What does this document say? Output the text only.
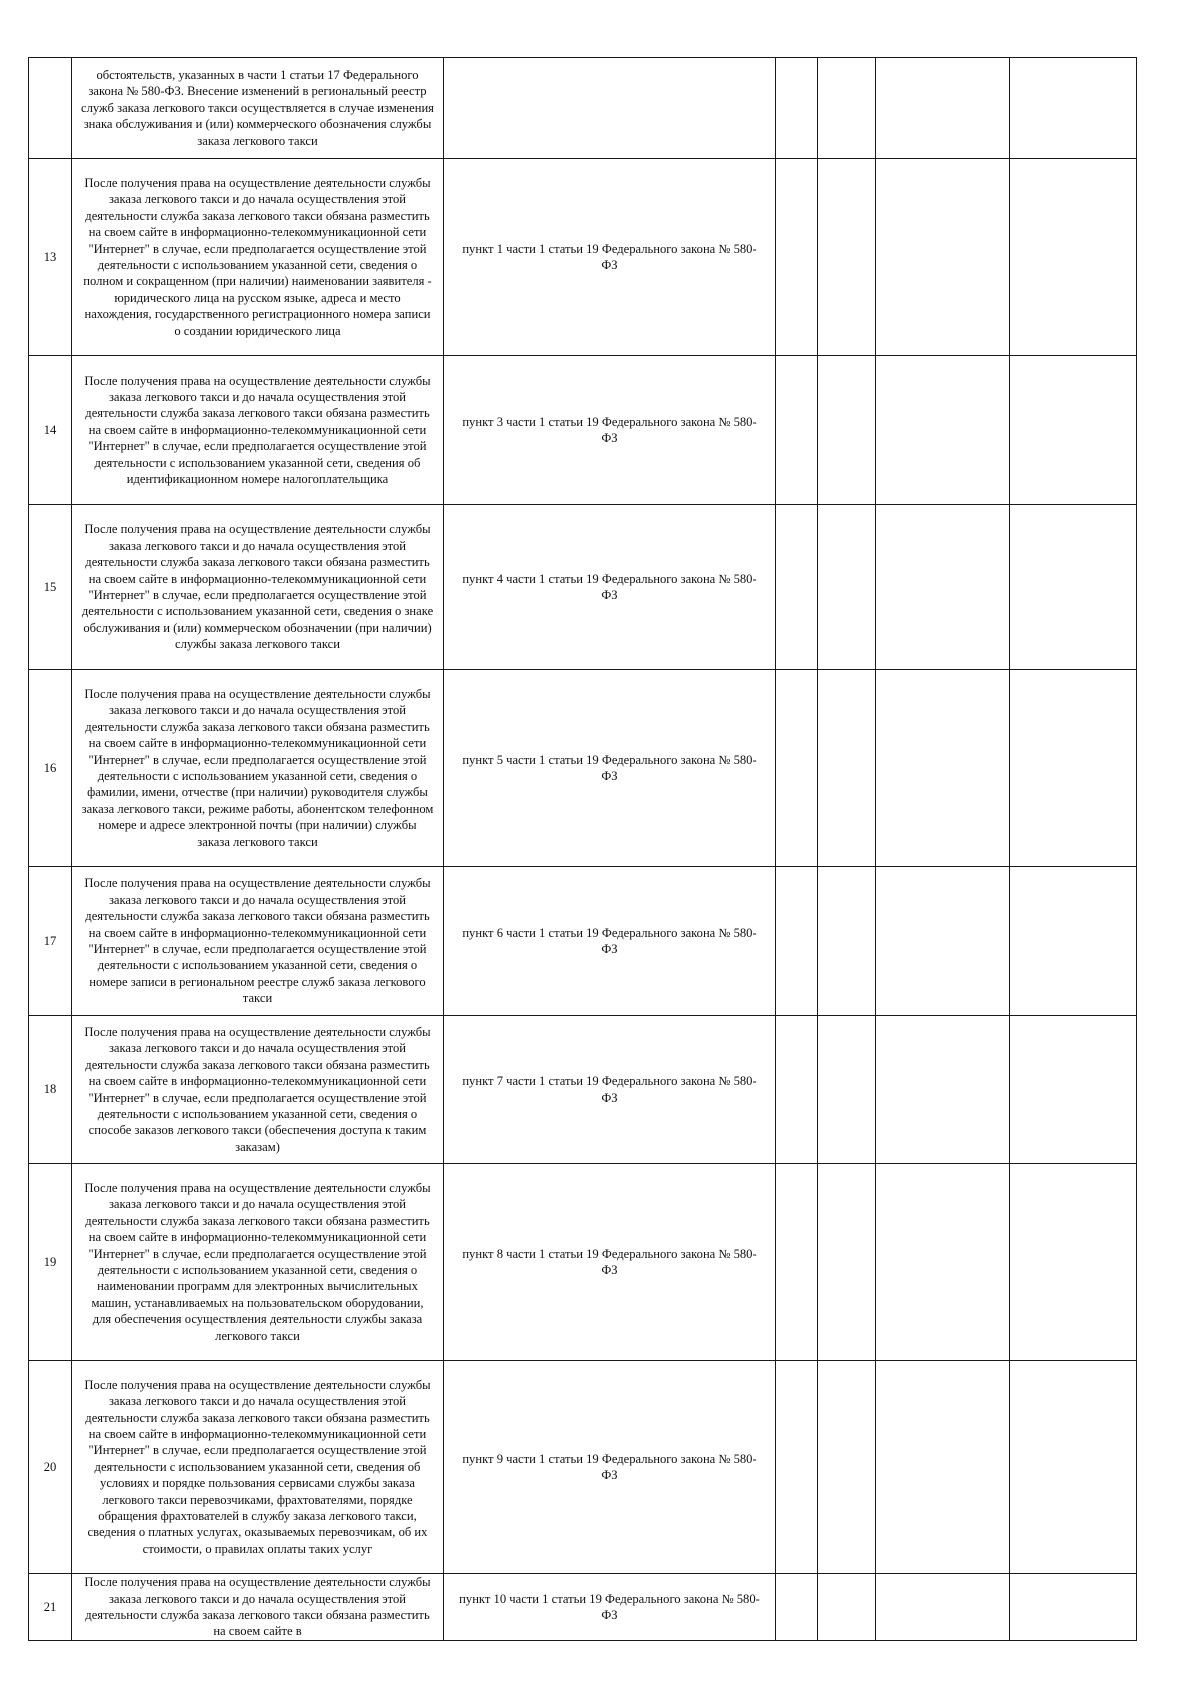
	обстоятельств, указанных в части 1 статьи 17 Федерального закона № 580-ФЗ. Внесение изменений в региональный реестр служб заказа легкового такси осуществляется в случае изменения знака обслуживания и (или) коммерческого обозначения службы заказа легкового такси					
13	После получения права на осуществление деятельности службы заказа легкового такси и до начала осуществления этой деятельности служба заказа легкового такси обязана разместить на своем сайте в информационно-телекоммуникационной сети "Интернет" в случае, если предполагается осуществление этой деятельности с использованием указанной сети, сведения о полном и сокращенном (при наличии) наименовании заявителя - юридического лица на русском языке, адреса и место нахождения, государственного регистрационного номера записи о создании юридического лица	пункт 1 части 1 статьи 19 Федерального закона № 580-ФЗ				
14	После получения права на осуществление деятельности службы заказа легкового такси и до начала осуществления этой деятельности служба заказа легкового такси обязана разместить на своем сайте в информационно-телекоммуникационной сети "Интернет" в случае, если предполагается осуществление этой деятельности с использованием указанной сети, сведения об идентификационном номере налогоплательщика	пункт 3 части 1 статьи 19 Федерального закона № 580-ФЗ				
15	После получения права на осуществление деятельности службы заказа легкового такси и до начала осуществления этой деятельности служба заказа легкового такси обязана разместить на своем сайте в информационно-телекоммуникационной сети "Интернет" в случае, если предполагается осуществление этой деятельности с использованием указанной сети, сведения о знаке обслуживания и (или) коммерческом обозначении (при наличии) службы заказа легкового такси	пункт 4 части 1 статьи 19 Федерального закона № 580-ФЗ				
16	После получения права на осуществление деятельности службы заказа легкового такси и до начала осуществления этой деятельности служба заказа легкового такси обязана разместить на своем сайте в информационно-телекоммуникационной сети "Интернет" в случае, если предполагается осуществление этой деятельности с использованием указанной сети, сведения о фамилии, имени, отчестве (при наличии) руководителя службы заказа легкового такси, режиме работы, абонентском телефонном номере и адресе электронной почты (при наличии) службы заказа легкового такси	пункт 5 части 1 статьи 19 Федерального закона № 580-ФЗ				
17	После получения права на осуществление деятельности службы заказа легкового такси и до начала осуществления этой деятельности служба заказа легкового такси обязана разместить на своем сайте в информационно-телекоммуникационной сети "Интернет" в случае, если предполагается осуществление этой деятельности с использованием указанной сети, сведения о номере записи в региональном реестре служб заказа легкового такси	пункт 6 части 1 статьи 19 Федерального закона № 580-ФЗ				
18	После получения права на осуществление деятельности службы заказа легкового такси и до начала осуществления этой деятельности служба заказа легкового такси обязана разместить на своем сайте в информационно-телекоммуникационной сети "Интернет" в случае, если предполагается осуществление этой деятельности с использованием указанной сети, сведения о способе заказов легкового такси (обеспечения доступа к таким заказам)	пункт 7 части 1 статьи 19 Федерального закона № 580-ФЗ				
19	После получения права на осуществление деятельности службы заказа легкового такси и до начала осуществления этой деятельности служба заказа легкового такси обязана разместить на своем сайте в информационно-телекоммуникационной сети "Интернет" в случае, если предполагается осуществление этой деятельности с использованием указанной сети, сведения о наименовании программ для электронных вычислительных машин, устанавливаемых на пользовательском оборудовании, для обеспечения осуществления деятельности службы заказа легкового такси	пункт 8 части 1 статьи 19 Федерального закона № 580-ФЗ				
20	После получения права на осуществление деятельности службы заказа легкового такси и до начала осуществления этой деятельности служба заказа легкового такси обязана разместить на своем сайте в информационно-телекоммуникационной сети "Интернет" в случае, если предполагается осуществление этой деятельности с использованием указанной сети, сведения об условиях и порядке пользования сервисами службы заказа легкового такси перевозчиками, фрахтователями, порядке обращения фрахтователей в службу заказа легкового такси, сведения о платных услугах, оказываемых перевозчикам, об их стоимости, о правилах оплаты таких услуг	пункт 9 части 1 статьи 19 Федерального закона № 580-ФЗ				
21	После получения права на осуществление деятельности службы заказа легкового такси и до начала осуществления этой деятельности служба заказа легкового такси обязана разместить на своем сайте в	пункт 10 части 1 статьи 19 Федерального закона № 580-ФЗ				
